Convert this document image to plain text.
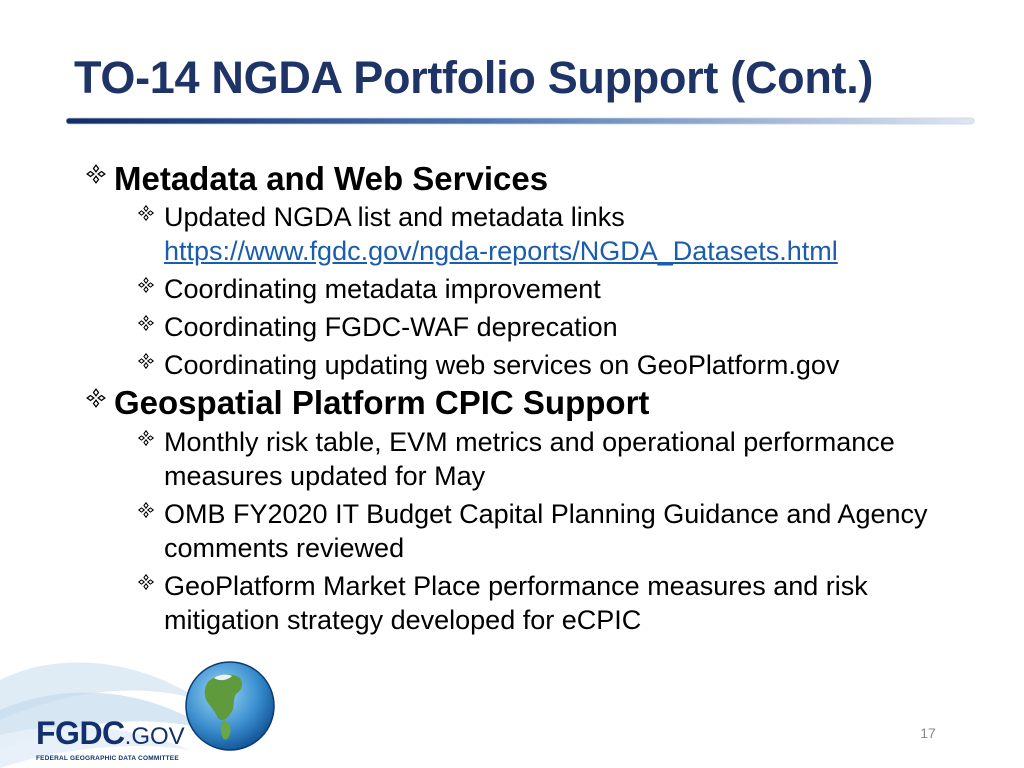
TO-14 NGDA Portfolio Support (Cont.)
Metadata and Web Services
Updated NGDA list and metadata links
https://www.fgdc.gov/ngda-reports/NGDA_Datasets.html
Coordinating metadata improvement
Coordinating FGDC-WAF deprecation
Coordinating updating web services on GeoPlatform.gov
Geospatial Platform CPIC Support
Monthly risk table, EVM metrics and operational performance measures updated for May
OMB FY2020 IT Budget Capital Planning Guidance and Agency comments reviewed
GeoPlatform Market Place performance measures and risk mitigation strategy developed for eCPIC
FGDC.GOV
FEDERAL GEOGRAPHIC DATA COMMITTEE
17
